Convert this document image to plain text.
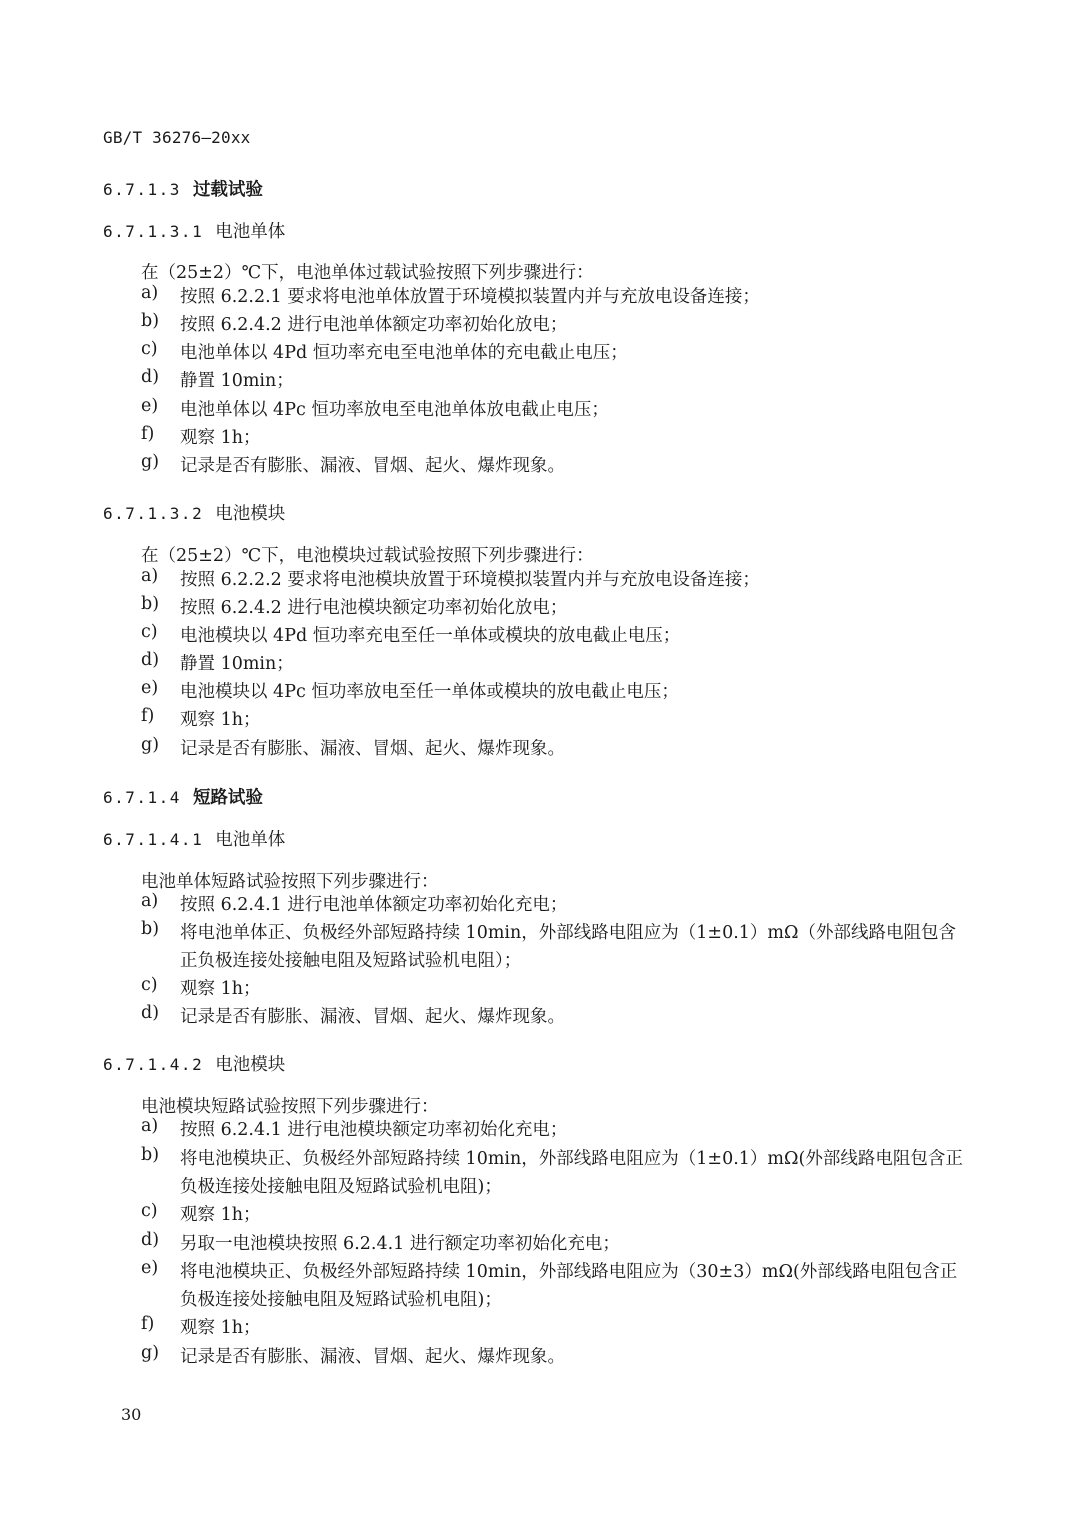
GB/T 36276—20xx
6.7.1.3 过载试验
6.7.1.3.1 电池单体
在（25±2）℃下，电池单体过载试验按照下列步骤进行：
a) 按照 6.2.2.1 要求将电池单体放置于环境模拟装置内并与充放电设备连接；
b) 按照 6.2.4.2 进行电池单体额定功率初始化放电；
c) 电池单体以 4Pd 恒功率充电至电池单体的充电截止电压；
d) 静置 10min；
e) 电池单体以 4Pc 恒功率放电至电池单体放电截止电压；
f) 观察 1h；
g) 记录是否有膨胀、漏液、冒烟、起火、爆炸现象。
6.7.1.3.2 电池模块
在（25±2）℃下，电池模块过载试验按照下列步骤进行：
a) 按照 6.2.2.2 要求将电池模块放置于环境模拟装置内并与充放电设备连接；
b) 按照 6.2.4.2 进行电池模块额定功率初始化放电；
c) 电池模块以 4Pd 恒功率充电至任一单体或模块的放电截止电压；
d) 静置 10min；
e) 电池模块以 4Pc 恒功率放电至任一单体或模块的放电截止电压；
f) 观察 1h；
g) 记录是否有膨胀、漏液、冒烟、起火、爆炸现象。
6.7.1.4 短路试验
6.7.1.4.1 电池单体
电池单体短路试验按照下列步骤进行：
a) 按照 6.2.4.1 进行电池单体额定功率初始化充电；
b) 将电池单体正、负极经外部短路持续 10min，外部线路电阻应为（1±0.1）mΩ（外部线路电阻包含正负极连接处接触电阻及短路试验机电阻）；
c) 观察 1h；
d) 记录是否有膨胀、漏液、冒烟、起火、爆炸现象。
6.7.1.4.2 电池模块
电池模块短路试验按照下列步骤进行：
a) 按照 6.2.4.1 进行电池模块额定功率初始化充电；
b) 将电池模块正、负极经外部短路持续 10min，外部线路电阻应为（1±0.1）mΩ(外部线路电阻包含正负极连接处接触电阻及短路试验机电阻)；
c) 观察 1h；
d) 另取一电池模块按照 6.2.4.1 进行额定功率初始化充电；
e) 将电池模块正、负极经外部短路持续 10min，外部线路电阻应为（30±3）mΩ(外部线路电阻包含正负极连接处接触电阻及短路试验机电阻)；
f) 观察 1h；
g) 记录是否有膨胀、漏液、冒烟、起火、爆炸现象。
30
